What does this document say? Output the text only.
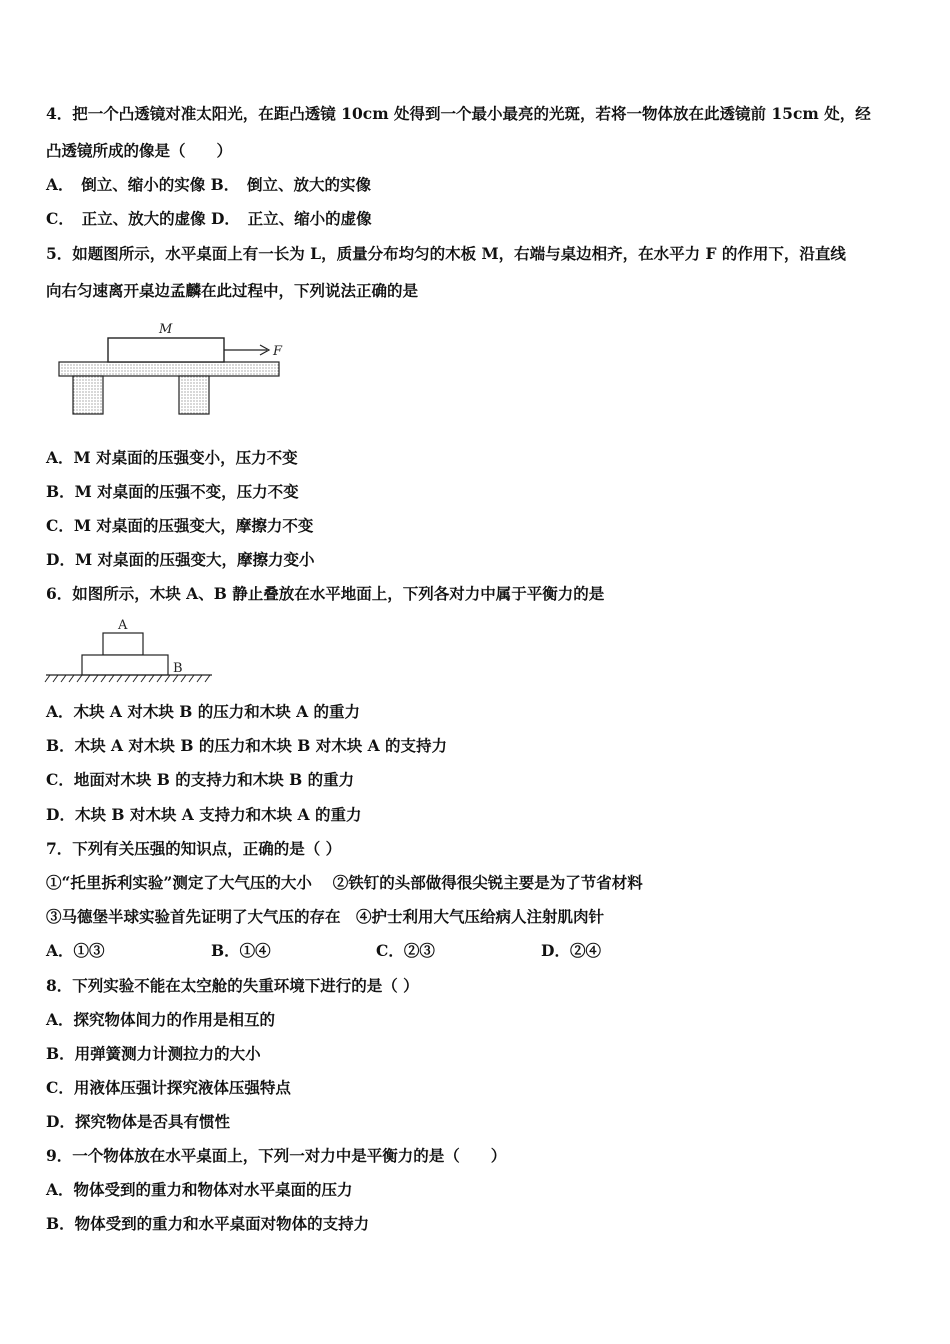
4．把一个凸透镜对准太阳光，在距凸透镜 10cm 处得到一个最小最亮的光斑，若将一物体放在此透镜前 15cm 处，经
凸透镜所成的像是（　　）
A．　倒立、缩小的实像 B．　倒立、放大的实像
C．　正立、放大的虚像 D．　正立、缩小的虚像
5．如题图所示，水平桌面上有一长为 L，质量分布均匀的木板 M，右端与桌边相齐，在水平力 F 的作用下，沿直线
向右匀速离开桌边孟麟在此过程中，下列说法正确的是
M
F
A．M 对桌面的压强变小，压力不变
B．M 对桌面的压强不变，压力不变
C．M 对桌面的压强变大，摩擦力不变
D．M 对桌面的压强变大，摩擦力变小
6．如图所示，木块 A、B 静止叠放在水平地面上，下列各对力中属于平衡力的是
A
B
A．木块 A 对木块 B 的压力和木块 A 的重力
B．木块 A 对木块 B 的压力和木块 B 对木块 A 的支持力
C．地面对木块 B 的支持力和木块 B 的重力
D．木块 B 对木块 A 支持力和木块 A 的重力
7．下列有关压强的知识点，正确的是（ ）
①“托里拆利实验”测定了大气压的大小　 ②铁钉的头部做得很尖锐主要是为了节省材料
③马德堡半球实验首先证明了大气压的存在　④护士利用大气压给病人注射肌肉针
A．①③	B．①④	C．②③	D．②④
8．下列实验不能在太空舱的失重环境下进行的是（ ）
A．探究物体间力的作用是相互的
B．用弹簧测力计测拉力的大小
C．用液体压强计探究液体压强特点
D．探究物体是否具有惯性
9．一个物体放在水平桌面上，下列一对力中是平衡力的是（　　）
A．物体受到的重力和物体对水平桌面的压力
B．物体受到的重力和水平桌面对物体的支持力
